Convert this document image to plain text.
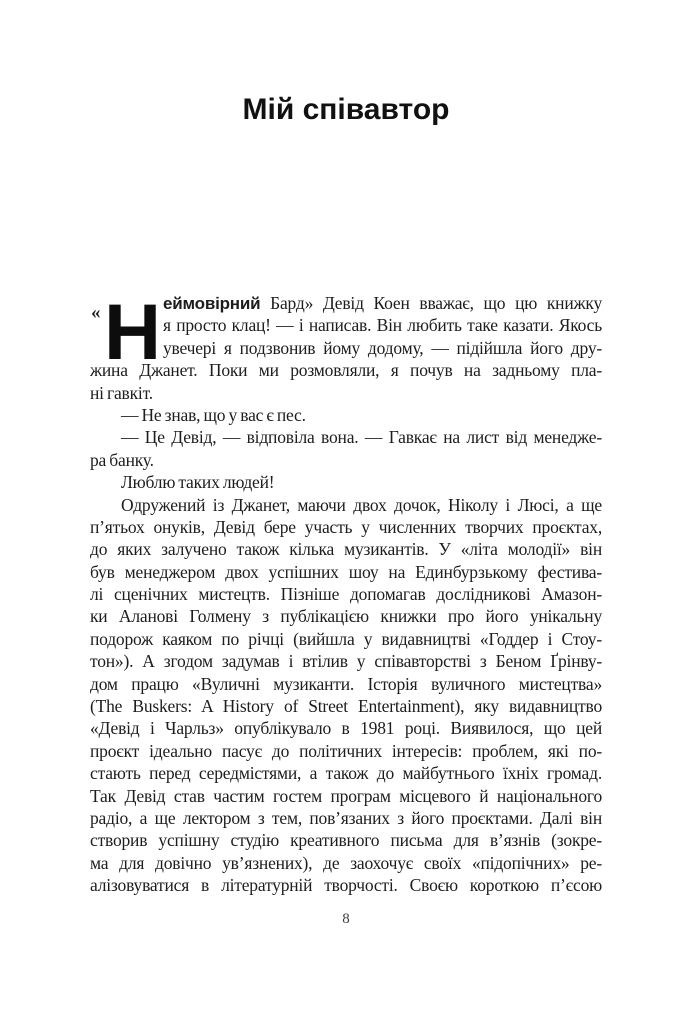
Мій співавтор
«Н еймовірний Бард» Девід Коен вважає, що цю книжку
я просто клац! — і написав. Він любить таке казати. Якось
увечері я подзвонив йому додому, — підійшла його дру-
жина Джанет. Поки ми розмовляли, я почув на задньому пла-
ні гавкіт.
— Не знав, що у вас є пес.
— Це Девід, — відповіла вона. — Гавкає на лист від менедже-
ра банку.
Люблю таких людей!
Одружений із Джанет, маючи двох дочок, Ніколу і Люсі, а ще
п’ятьох онуків, Девід бере участь у численних творчих проєктах,
до яких залучено також кілька музикантів. У «літа молодії» він
був менеджером двох успішних шоу на Единбурзькому фестива-
лі сценічних мистецтв. Пізніше допомагав дослідникові Амазон-
ки Аланові Голмену з публікацією книжки про його унікальну
подорож каяком по річці (вийшла у видавництві «Годдер і Стоу-
тон»). А згодом задумав і втілив у співавторстві з Беном Ґрінву-
дом працю «Вуличні музиканти. Історія вуличного мистецтва»
(The Buskers: A History of Street Entertainment), яку видавництво
«Девід і Чарльз» опублікувало в 1981 році. Виявилося, що цей
проєкт ідеально пасує до політичних інтересів: проблем, які по-
стають перед середмістями, а також до майбутнього їхніх громад.
Так Девід став частим гостем програм місцевого й національного
радіо, а ще лектором з тем, пов’язаних з його проєктами. Далі він
створив успішну студію креативного письма для в’язнів (зокре-
ма для довічно ув’язнених), де заохочує своїх «підопічних» ре-
алізовуватися в літературній творчості. Своєю короткою п’єсою
8
